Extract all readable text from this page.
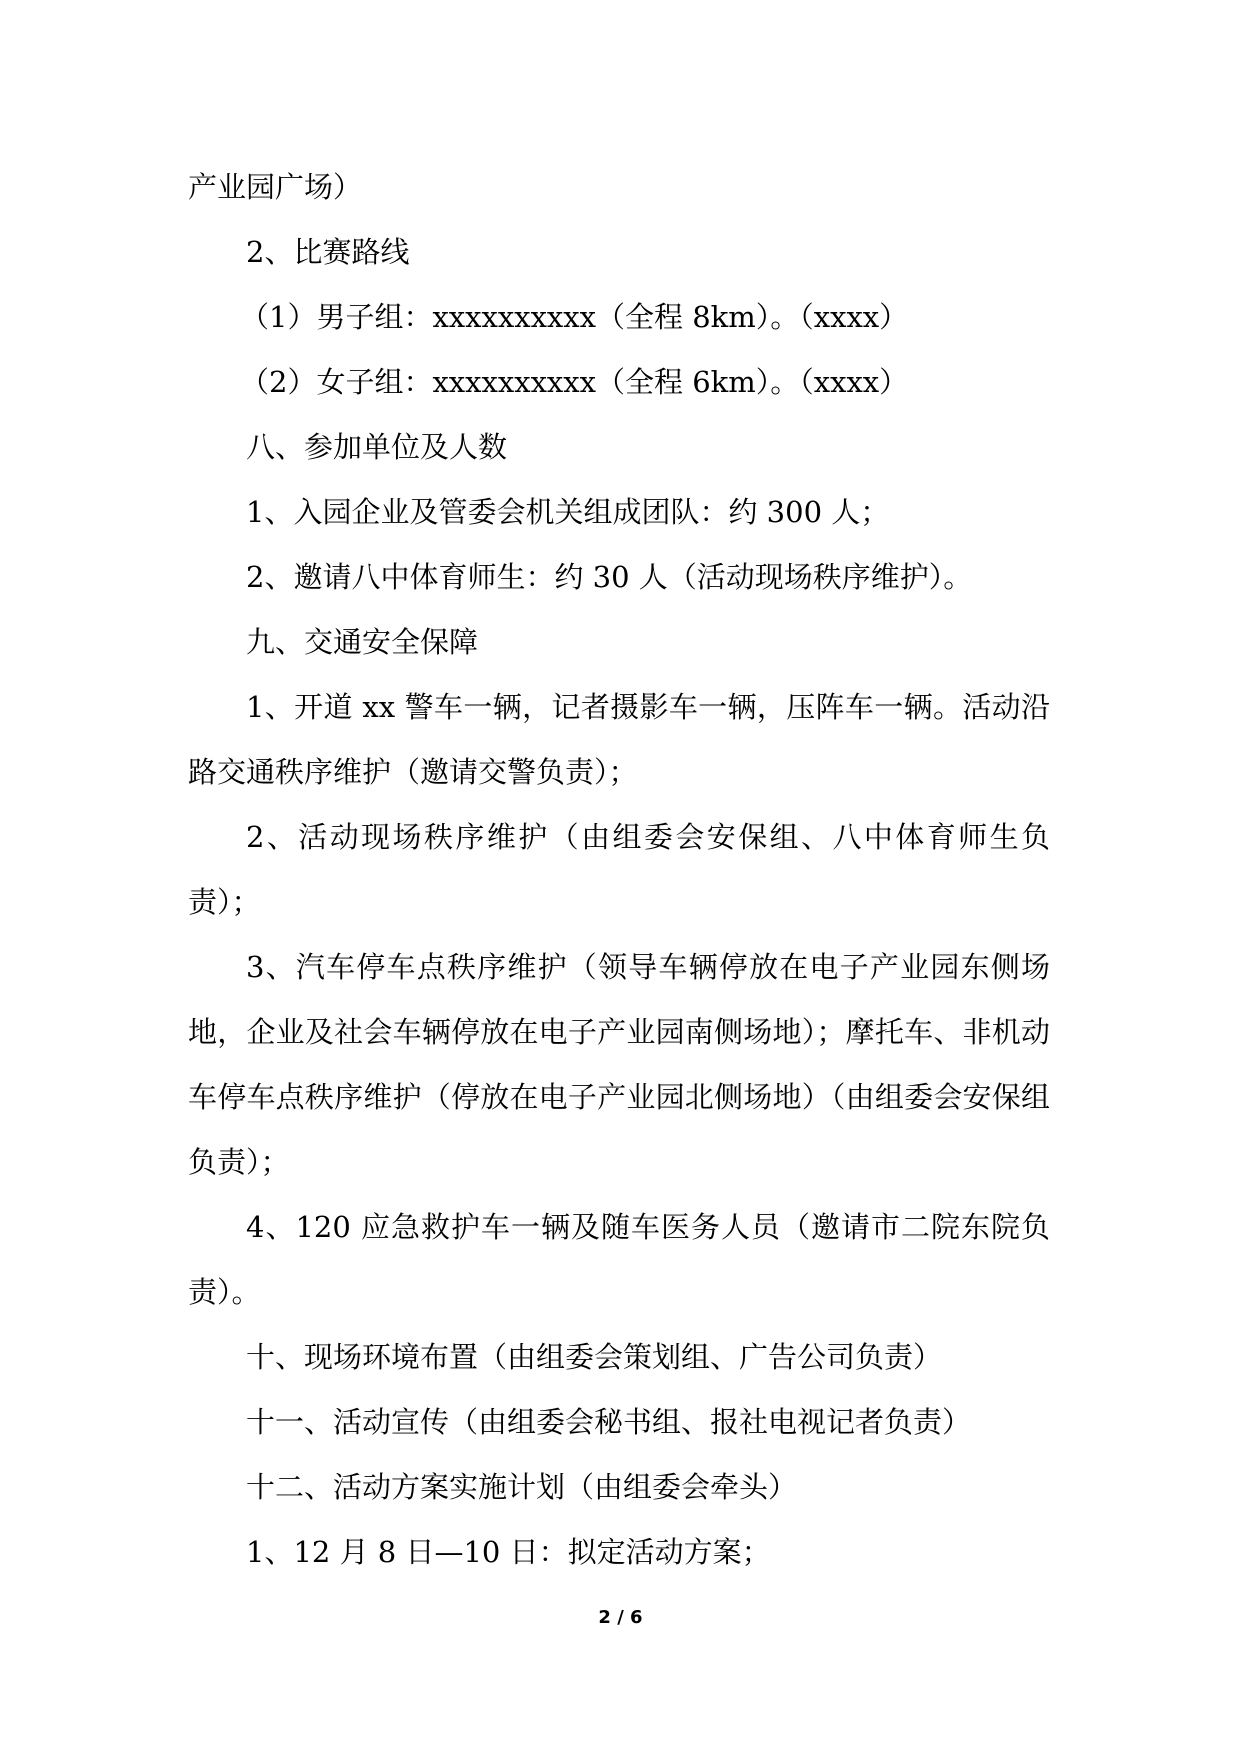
产业园广场）

2、比赛路线

（1）男子组：xxxxxxxxxx（全程 8km）。（xxxx）

（2）女子组：xxxxxxxxxx（全程 6km）。（xxxx）

八、参加单位及人数

1、入园企业及管委会机关组成团队：约 300 人；

2、邀请八中体育师生：约 30 人（活动现场秩序维护）。

九、交通安全保障

1、开道 xx 警车一辆，记者摄影车一辆，压阵车一辆。活动沿路交通秩序维护（邀请交警负责）；

2、活动现场秩序维护（由组委会安保组、八中体育师生负责）；

3、汽车停车点秩序维护（领导车辆停放在电子产业园东侧场地，企业及社会车辆停放在电子产业园南侧场地）；摩托车、非机动车停车点秩序维护（停放在电子产业园北侧场地）（由组委会安保组负责）；

4、120 应急救护车一辆及随车医务人员（邀请市二院东院负责）。

十、现场环境布置（由组委会策划组、广告公司负责）

十一、活动宣传（由组委会秘书组、报社电视记者负责）

十二、活动方案实施计划（由组委会牵头）

1、12 月 8 日—10 日：拟定活动方案；

2 / 6
